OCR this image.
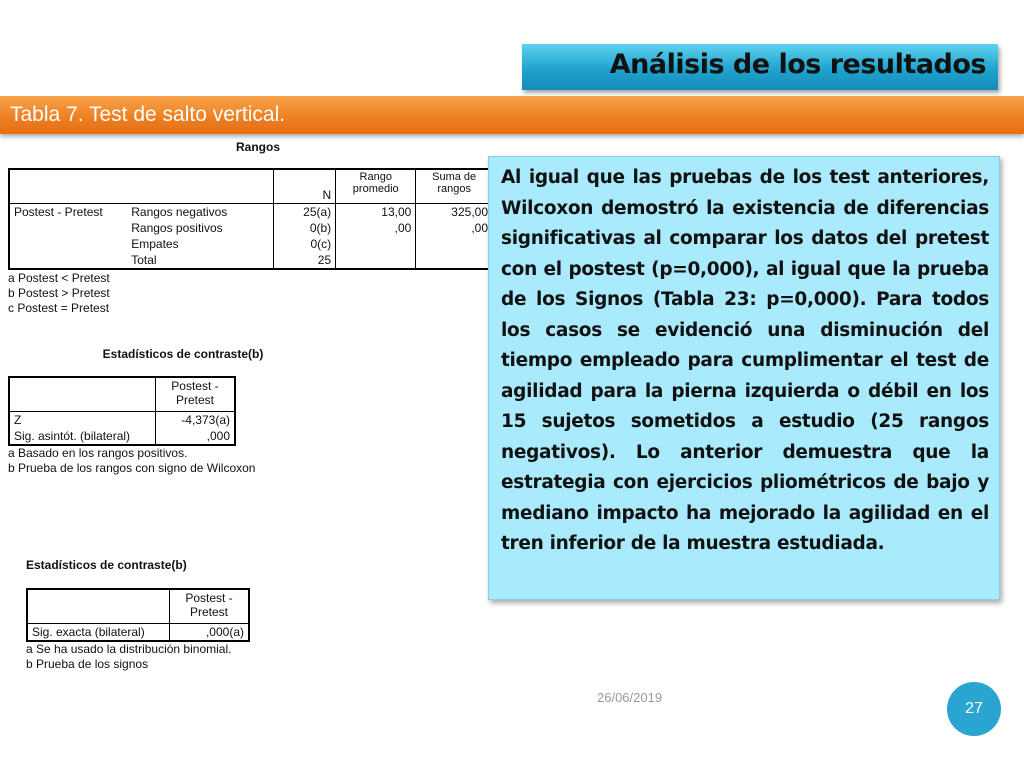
Análisis de los resultados
Tabla 7. Test de salto vertical.
Rangos
		N	Rango promedio	Suma de rangos
Postest - Pretest	Rangos negativos	25(a)	13,00	325,00
	Rangos positivos	0(b)	,00	,00
	Empates	0(c)		
	Total	25		
a Postest < Pretest
b Postest > Pretest
c Postest = Pretest
Estadísticos de contraste(b)
	Postest - Pretest
Z	-4,373(a)
Sig. asintót. (bilateral)	,000
a Basado en los rangos positivos.
b Prueba de los rangos con signo de Wilcoxon
Estadísticos de contraste(b)
	Postest - Pretest
Sig. exacta (bilateral)	,000(a)
a Se ha usado la distribución binomial.
b Prueba de los signos

Al igual que las pruebas de los test anteriores, Wilcoxon demostró la existencia de diferencias significativas al comparar los datos del pretest con el postest (p=0,000), al igual que la prueba de los Signos (Tabla 23: p=0,000). Para todos los casos se evidenció una disminución del tiempo empleado para cumplimentar el test de agilidad para la pierna izquierda o débil en los 15 sujetos sometidos a estudio (25 rangos negativos). Lo anterior demuestra que la estrategia con ejercicios pliométricos de bajo y mediano impacto ha mejorado la agilidad en el tren inferior de la muestra estudiada.

26/06/2019
27
